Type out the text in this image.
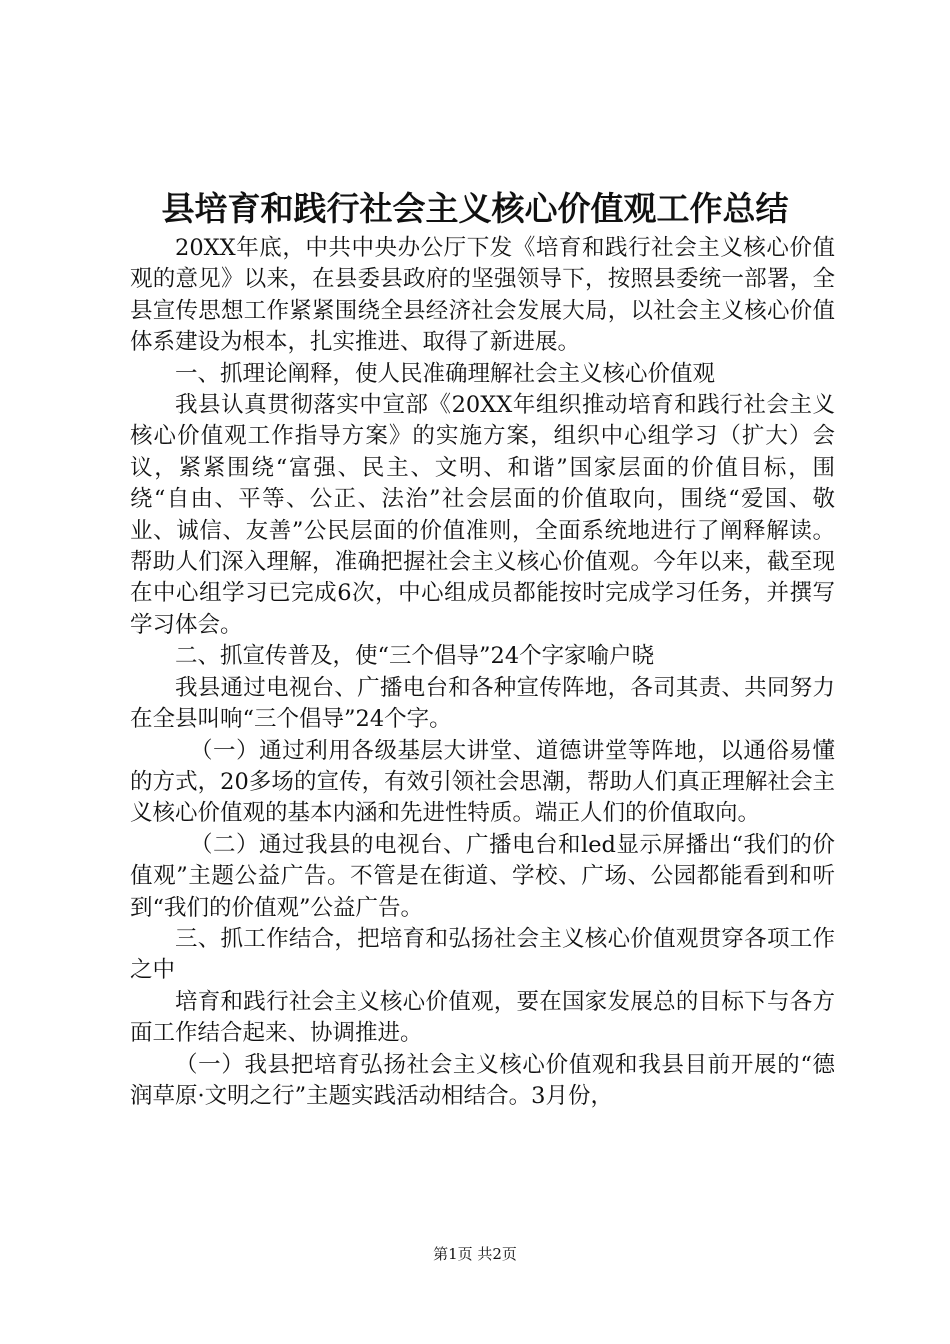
县培育和践行社会主义核心价值观工作总结

20XX年底，中共中央办公厅下发《培育和践行社会主义核心价值观的意见》以来，在县委县政府的坚强领导下，按照县委统一部署，全县宣传思想工作紧紧围绕全县经济社会发展大局，以社会主义核心价值体系建设为根本，扎实推进、取得了新进展。

一、抓理论阐释，使人民准确理解社会主义核心价值观

我县认真贯彻落实中宣部《20XX年组织推动培育和践行社会主义核心价值观工作指导方案》的实施方案，组织中心组学习（扩大）会议，紧紧围绕“富强、民主、文明、和谐”国家层面的价值目标，围绕“自由、平等、公正、法治”社会层面的价值取向，围绕“爱国、敬业、诚信、友善”公民层面的价值准则，全面系统地进行了阐释解读。帮助人们深入理解，准确把握社会主义核心价值观。今年以来，截至现在中心组学习已完成6次，中心组成员都能按时完成学习任务，并撰写学习体会。

二、抓宣传普及，使“三个倡导”24个字家喻户晓

我县通过电视台、广播电台和各种宣传阵地，各司其责、共同努力在全县叫响“三个倡导”24个字。

（一）通过利用各级基层大讲堂、道德讲堂等阵地，以通俗易懂的方式，20多场的宣传，有效引领社会思潮，帮助人们真正理解社会主义核心价值观的基本内涵和先进性特质。端正人们的价值取向。

（二）通过我县的电视台、广播电台和led显示屏播出“我们的价值观”主题公益广告。不管是在街道、学校、广场、公园都能看到和听到“我们的价值观”公益广告。

三、抓工作结合，把培育和弘扬社会主义核心价值观贯穿各项工作之中

培育和践行社会主义核心价值观，要在国家发展总的目标下与各方面工作结合起来、协调推进。

（一）我县把培育弘扬社会主义核心价值观和我县目前开展的“德润草原·文明之行”主题实践活动相结合。3月份，

第1页 共2页
